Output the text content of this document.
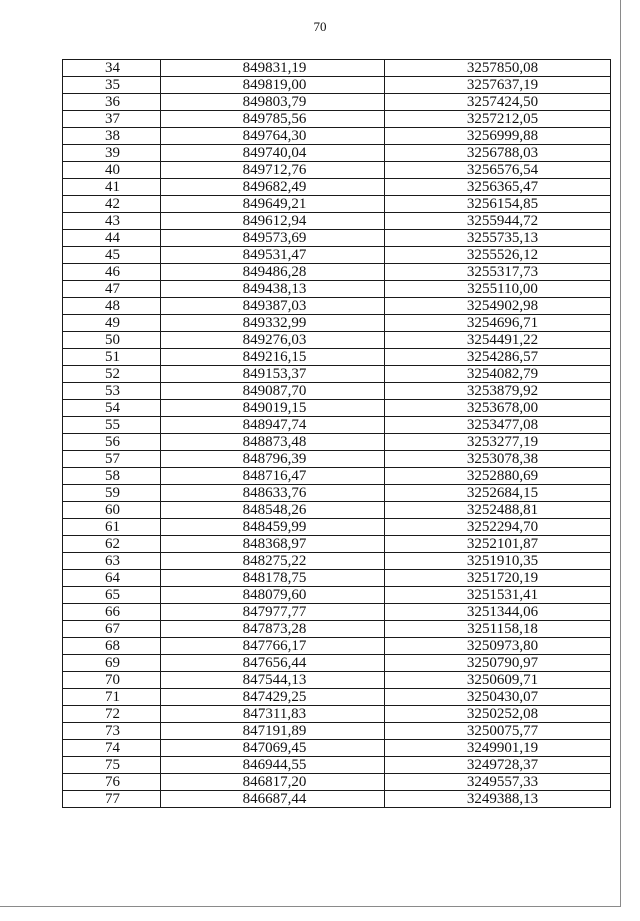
70
34	849831,19	3257850,08
35	849819,00	3257637,19
36	849803,79	3257424,50
37	849785,56	3257212,05
38	849764,30	3256999,88
39	849740,04	3256788,03
40	849712,76	3256576,54
41	849682,49	3256365,47
42	849649,21	3256154,85
43	849612,94	3255944,72
44	849573,69	3255735,13
45	849531,47	3255526,12
46	849486,28	3255317,73
47	849438,13	3255110,00
48	849387,03	3254902,98
49	849332,99	3254696,71
50	849276,03	3254491,22
51	849216,15	3254286,57
52	849153,37	3254082,79
53	849087,70	3253879,92
54	849019,15	3253678,00
55	848947,74	3253477,08
56	848873,48	3253277,19
57	848796,39	3253078,38
58	848716,47	3252880,69
59	848633,76	3252684,15
60	848548,26	3252488,81
61	848459,99	3252294,70
62	848368,97	3252101,87
63	848275,22	3251910,35
64	848178,75	3251720,19
65	848079,60	3251531,41
66	847977,77	3251344,06
67	847873,28	3251158,18
68	847766,17	3250973,80
69	847656,44	3250790,97
70	847544,13	3250609,71
71	847429,25	3250430,07
72	847311,83	3250252,08
73	847191,89	3250075,77
74	847069,45	3249901,19
75	846944,55	3249728,37
76	846817,20	3249557,33
77	846687,44	3249388,13
